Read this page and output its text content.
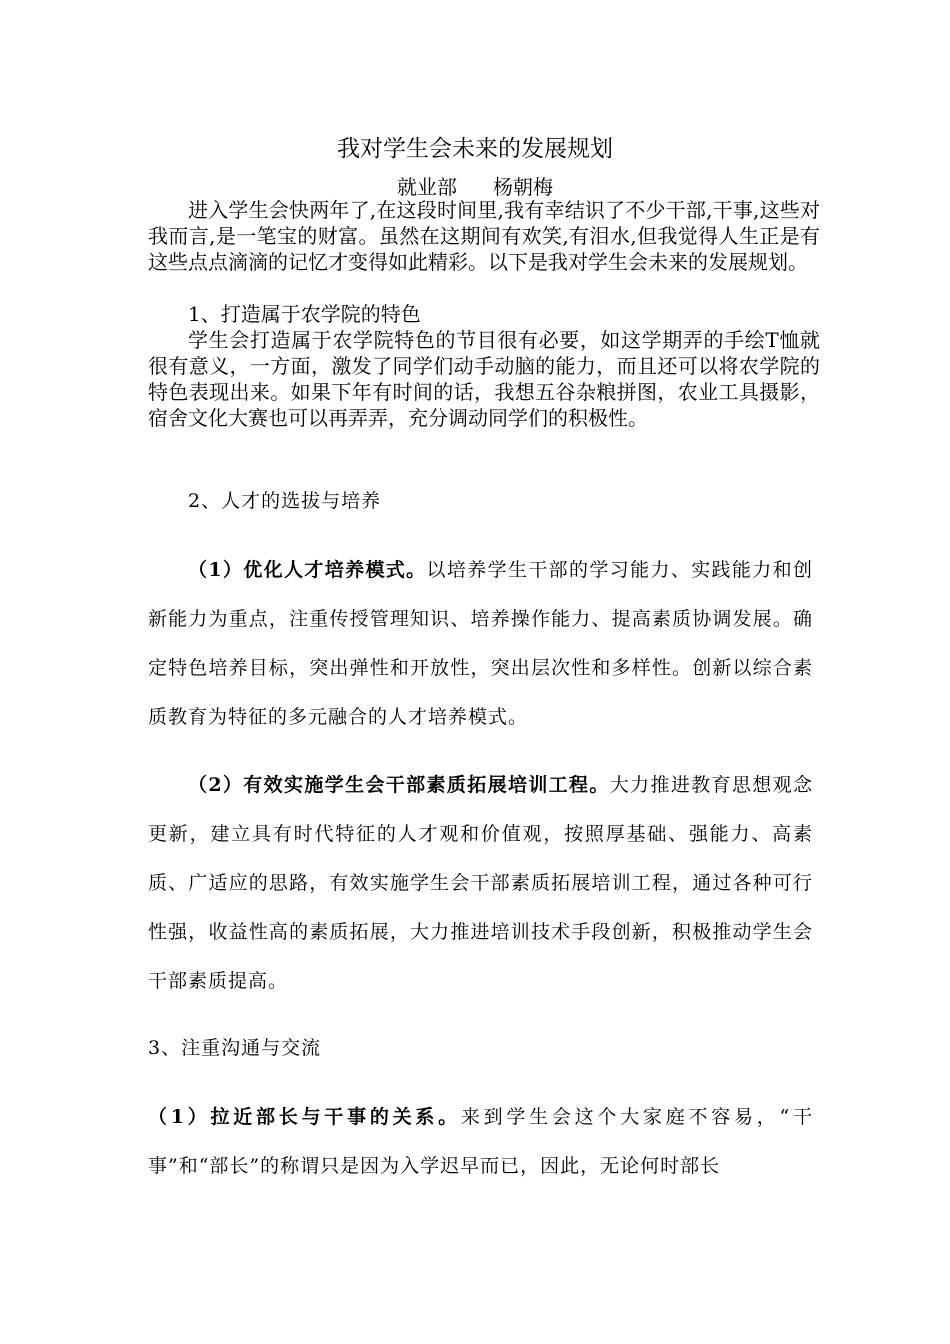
我对学生会未来的发展规划
就业部 杨朝梅

进入学生会快两年了,在这段时间里,我有幸结识了不少干部,干事,这些对我而言,是一笔宝的财富。虽然在这期间有欢笑,有泪水,但我觉得人生正是有这些点点滴滴的记忆才变得如此精彩。以下是我对学生会未来的发展规划。

1、打造属于农学院的特色

学生会打造属于农学院特色的节目很有必要，如这学期弄的手绘T恤就很有意义，一方面，激发了同学们动手动脑的能力，而且还可以将农学院的特色表现出来。如果下年有时间的话，我想五谷杂粮拼图，农业工具摄影，宿舍文化大赛也可以再弄弄，充分调动同学们的积极性。

2、人才的选拔与培养

（1）优化人才培养模式。以培养学生干部的学习能力、实践能力和创新能力为重点，注重传授管理知识、培养操作能力、提高素质协调发展。确定特色培养目标，突出弹性和开放性，突出层次性和多样性。创新以综合素质教育为特征的多元融合的人才培养模式。

（2）有效实施学生会干部素质拓展培训工程。大力推进教育思想观念更新，建立具有时代特征的人才观和价值观，按照厚基础、强能力、高素质、广适应的思路，有效实施学生会干部素质拓展培训工程，通过各种可行性强，收益性高的素质拓展，大力推进培训技术手段创新，积极推动学生会干部素质提高。

3、注重沟通与交流

（1）拉近部长与干事的关系。来到学生会这个大家庭不容易，“干事”和“部长”的称谓只是因为入学迟早而已，因此，无论何时部长
